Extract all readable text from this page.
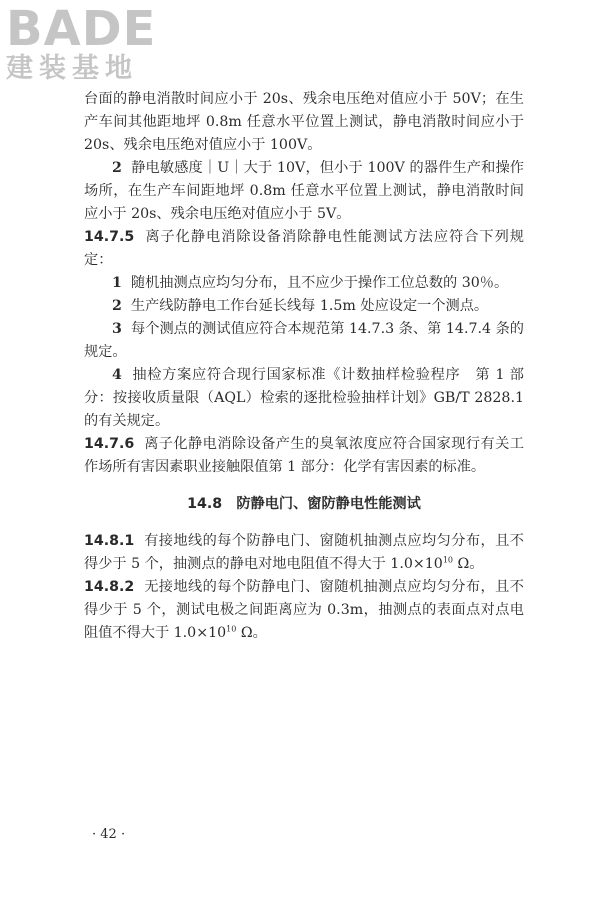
BADE
建装基地

台面的静电消散时间应小于 20s、残余电压绝对值应小于 50V；在生产车间其他距地坪 0.8m 任意水平位置上测试，静电消散时间应小于 20s、残余电压绝对值应小于 100V。

2 静电敏感度｜U｜大于 10V，但小于 100V 的器件生产和操作场所，在生产车间距地坪 0.8m 任意水平位置上测试，静电消散时间应小于 20s、残余电压绝对值应小于 5V。

14.7.5 离子化静电消除设备消除静电性能测试方法应符合下列规定：

1 随机抽测点应均匀分布，且不应少于操作工位总数的 30％。

2 生产线防静电工作台延长线每 1.5m 处应设定一个测点。

3 每个测点的测试值应符合本规范第 14.7.3 条、第 14.7.4 条的规定。

4 抽检方案应符合现行国家标准《计数抽样检验程序　第 1 部分：按接收质量限（AQL）检索的逐批检验抽样计划》GB/T 2828.1 的有关规定。

14.7.6 离子化静电消除设备产生的臭氧浓度应符合国家现行有关工作场所有害因素职业接触限值第 1 部分：化学有害因素的标准。

14.8　防静电门、窗防静电性能测试

14.8.1 有接地线的每个防静电门、窗随机抽测点应均匀分布，且不得少于 5 个，抽测点的静电对地电阻值不得大于 $1.0\times 10^{10}$ Ω。

14.8.2 无接地线的每个防静电门、窗随机抽测点应均匀分布，且不得少于 5 个，测试电极之间距离应为 0.3m，抽测点的表面点对点电阻值不得大于 $1.0\times 10^{10}$ Ω。

· 42 ·
